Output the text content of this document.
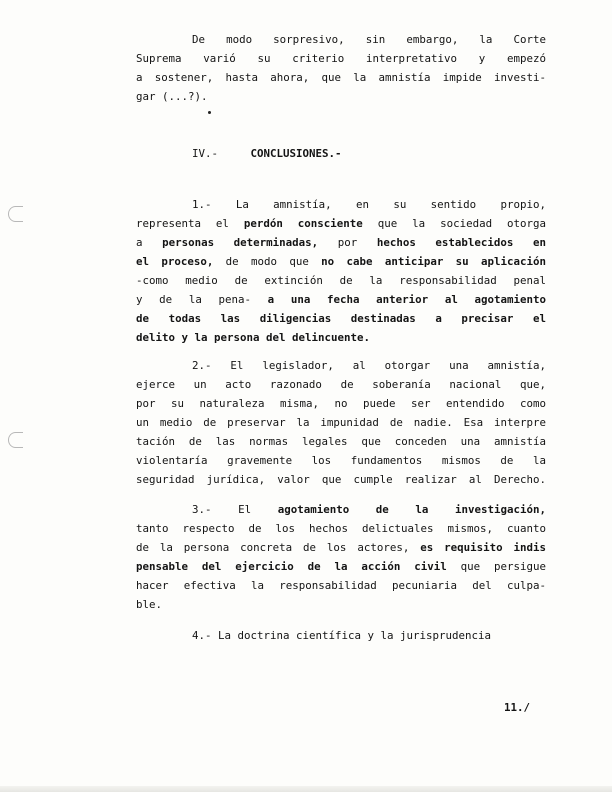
De modo sorpresivo, sin embargo, la Corte
Suprema varió su criterio interpretativo y empezó
a sostener, hasta ahora, que la amnistía impide investi-
gar (...?).
IV.-	CONCLUSIONES.-
1.- La amnistía, en su sentido propio,
representa el perdón consciente que la sociedad otorga
a personas determinadas, por hechos establecidos en
el proceso, de modo que no cabe anticipar su aplicación
-como medio de extinción de la responsabilidad penal
y de la pena- a una fecha anterior al agotamiento
de todas las diligencias destinadas a precisar el
delito y la persona del delincuente.
2.- El legislador, al otorgar una amnistía,
ejerce un acto razonado de soberanía nacional que,
por su naturaleza misma, no puede ser entendido como
un medio de preservar la impunidad de nadie. Esa interpre
tación de las normas legales que conceden una amnistía
violentaría gravemente los fundamentos mismos de la
seguridad jurídica, valor que cumple realizar al Derecho.
3.- El agotamiento de la investigación,
tanto respecto de los hechos delictuales mismos, cuanto
de la persona concreta de los actores, es requisito indis
pensable del ejercicio de la acción civil que persigue
hacer efectiva la responsabilidad pecuniaria del culpa-
ble.
4.- La doctrina científica y la jurisprudencia
11./
